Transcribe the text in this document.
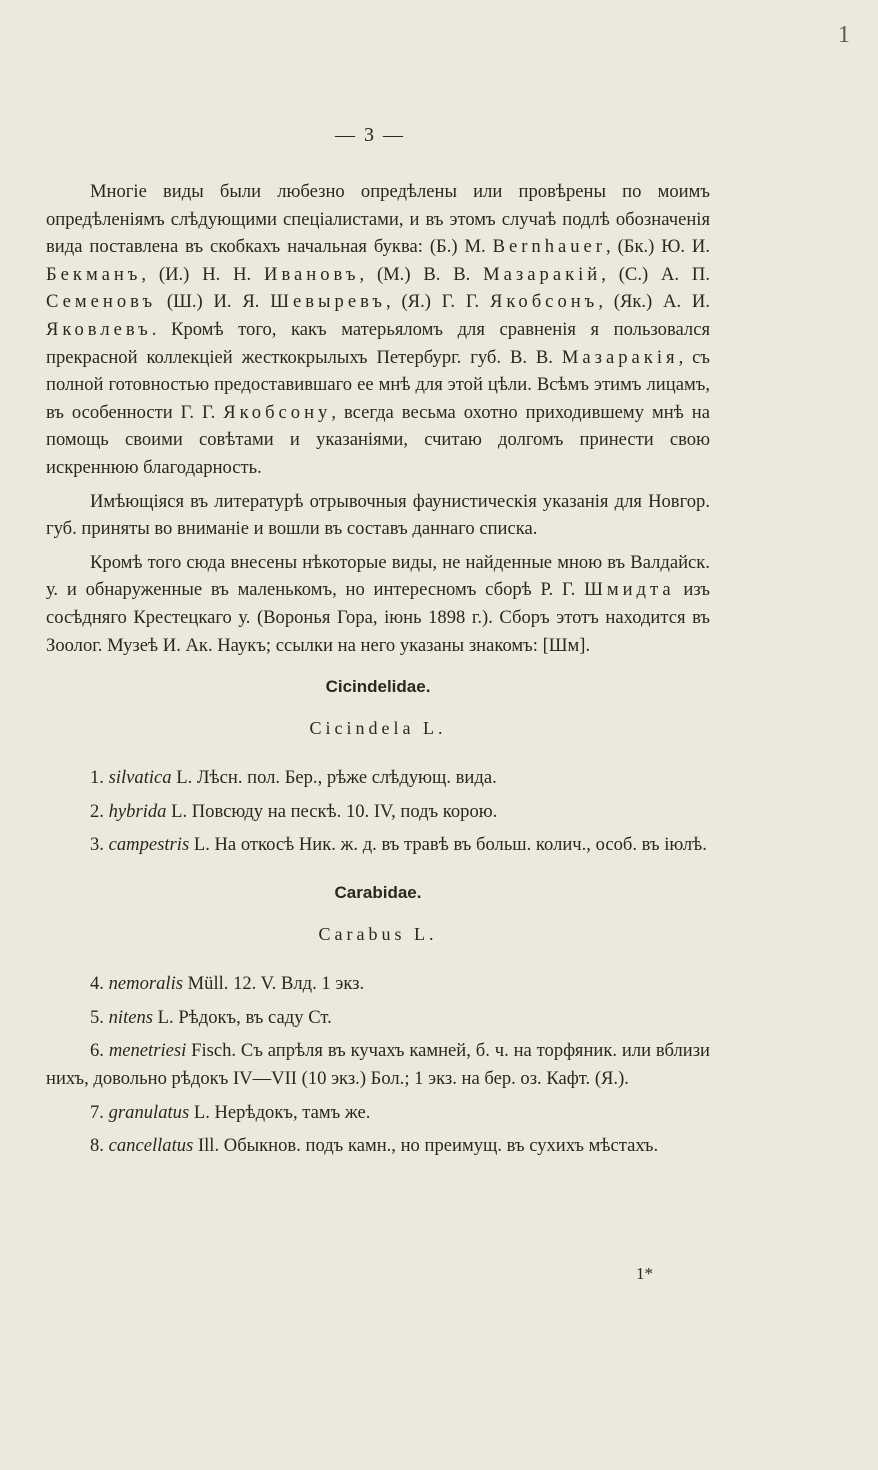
1
— 3 —

Многіе виды были любезно опредѣлены или провѣрены по моимъ опредѣленіямъ слѣдующими спеціалистами, и въ этомъ случаѣ подлѣ обозначенія вида поставлена въ скобкахъ начальная буква: (Б.) М. Bernhauer, (Бк.) Ю. И. Бекманъ, (И.) Н. Н. Ивановъ, (М.) В. В. Мазаракій, (С.) А. П. Семеновъ (Ш.) И. Я. Шевыревъ, (Я.) Г. Г. Якобсонъ, (Як.) А. И. Яковлевъ. Кромѣ того, какъ матерьяломъ для сравненія я пользовался прекрасной коллекціей жесткокрылыхъ Петербург. губ. В. В. Мазаракія, съ полной готовностью предоставившаго ее мнѣ для этой цѣли. Всѣмъ этимъ лицамъ, въ особенности Г. Г. Якобсону, всегда весьма охотно приходившему мнѣ на помощь своими совѣтами и указаніями, считаю долгомъ принести свою искреннюю благодарность.

Имѣющіяся въ литературѣ отрывочныя фаунистическія указанія для Новгор. губ. приняты во вниманіе и вошли въ составъ даннаго списка.

Кромѣ того сюда внесены нѣкоторые виды, не найденные мною въ Валдайск. у. и обнаруженные въ маленькомъ, но интересномъ сборѣ Р. Г. Шмидта изъ сосѣдняго Крестецкаго у. (Воронья Гора, іюнь 1898 г.). Сборъ этотъ находится въ Зоолог. Музеѣ И. Ак. Наукъ; ссылки на него указаны знакомъ: [Шм].

Cicindelidae.
Cicindela L.

1. silvatica L. Лѣсн. пол. Бер., рѣже слѣдующ. вида.

2. hybrida L. Повсюду на пескѣ. 10. IV, подъ корою.

3. campestris L. На откосѣ Ник. ж. д. въ травѣ въ больш. колич., особ. въ іюлѣ.

Carabidae.
Carabus L.

4. nemoralis Müll. 12. V. Влд. 1 экз.

5. nitens L. Рѣдокъ, въ саду Ст.

6. menetriesi Fisch. Съ апрѣля въ кучахъ камней, б. ч. на торфяник. или вблизи нихъ, довольно рѣдокъ IV—VII (10 экз.) Бол.; 1 экз. на бер. оз. Кафт. (Я.).

7. granulatus L. Нерѣдокъ, тамъ же.

8. cancellatus Ill. Обыкнов. подъ камн., но преимущ. въ сухихъ мѣстахъ.

1*
